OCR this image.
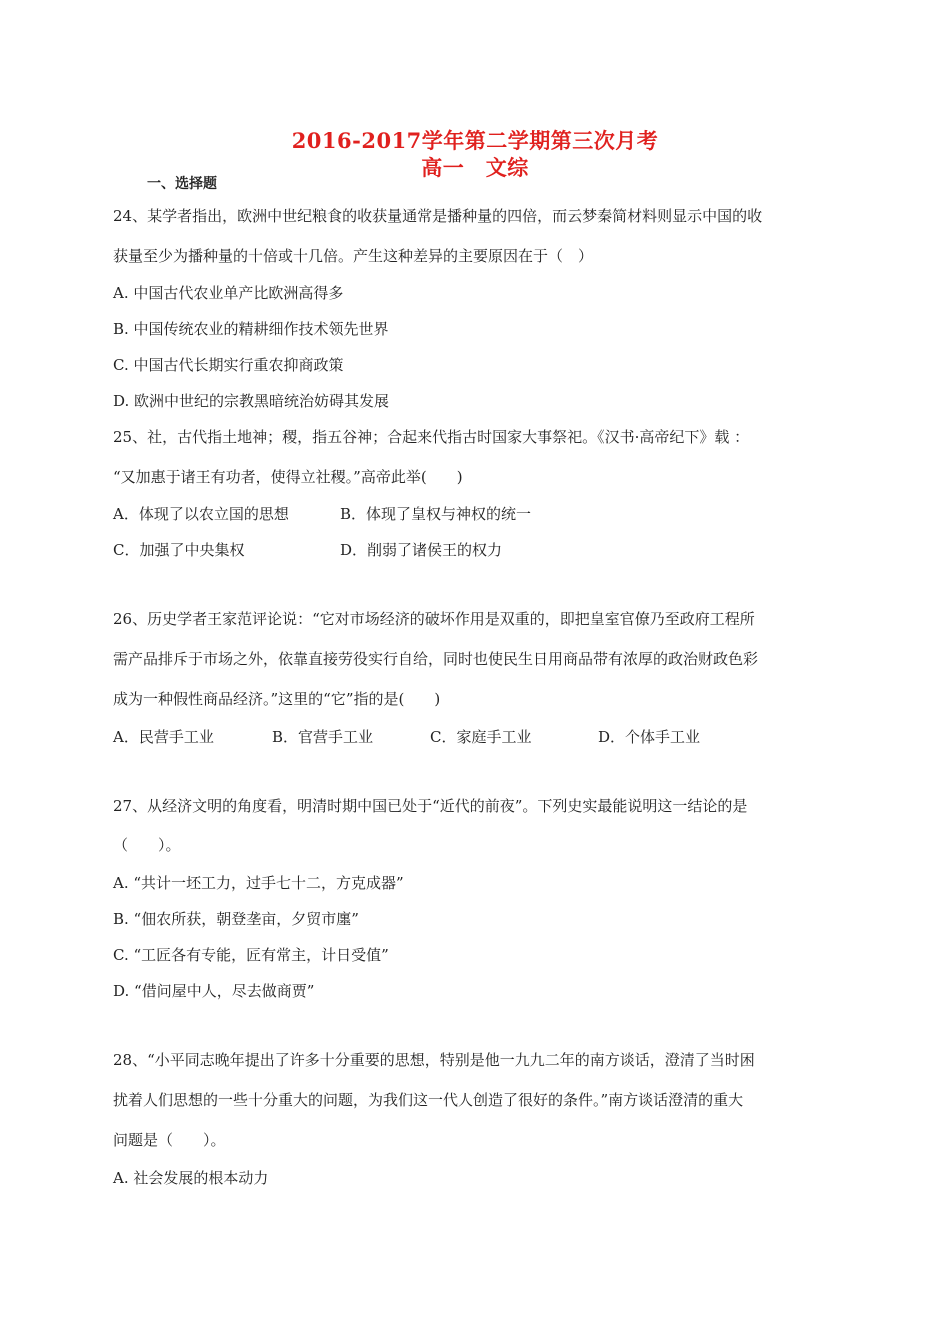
2016-2017学年第二学期第三次月考
高一　文综
一、选择题
24、某学者指出，欧洲中世纪粮食的收获量通常是播种量的四倍，而云梦秦简材料则显示中国的收
获量至少为播种量的十倍或十几倍。产生这种差异的主要原因在于（　）
A. 中国古代农业单产比欧洲高得多
B. 中国传统农业的精耕细作技术领先世界
C. 中国古代长期实行重农抑商政策
D. 欧洲中世纪的宗教黑暗统治妨碍其发展
25、社，古代指土地神；稷，指五谷神；合起来代指古时国家大事祭祀。《汉书·高帝纪下》载 ：
“又加惠于诸王有功者，使得立社稷。”高帝此举(　　)
A．体现了以农立国的思想	B．体现了皇权与神权的统一
C．加强了中央集权	D．削弱了诸侯王的权力
26、历史学者王家范评论说：“它对市场经济的破坏作用是双重的，即把皇室官僚乃至政府工程所
需产品排斥于市场之外，依靠直接劳役实行自给，同时也使民生日用商品带有浓厚的政治财政色彩
成为一种假性商品经济。”这里的“它”指的是(　　)
A．民营手工业	B．官营手工业	C．家庭手工业	D．个体手工业
27、从经济文明的角度看，明清时期中国已处于“近代的前夜”。下列史实最能说明这一结论的是
（　　）。
A. “共计一坯工力，过手七十二，方克成器”
B. “佃农所获，朝登垄亩，夕贸市廛”
C. “工匠各有专能，匠有常主，计日受值”
D. “借问屋中人，尽去做商贾”
28、“小平同志晚年提出了许多十分重要的思想，特别是他一九九二年的南方谈话，澄清了当时困
扰着人们思想的一些十分重大的问题，为我们这一代人创造了很好的条件。”南方谈话澄清的重大
问题是（　　）。
A. 社会发展的根本动力
